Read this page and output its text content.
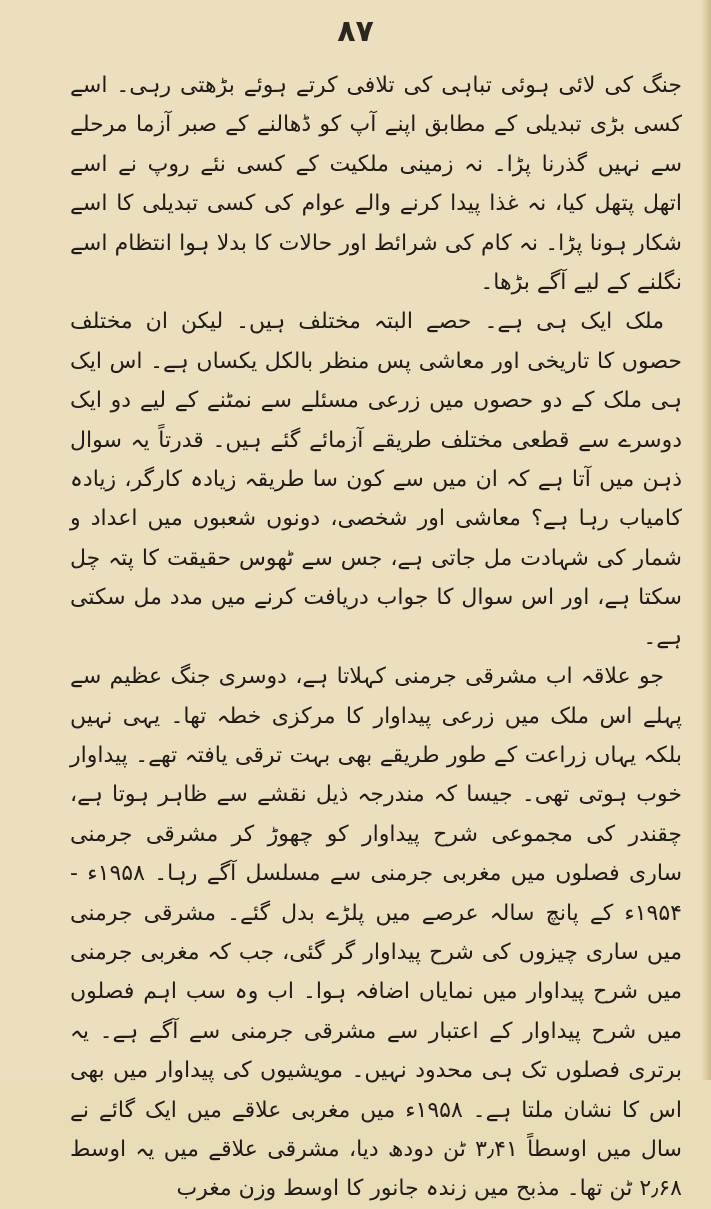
۸۷

جنگ کی لائی ہوئی تباہی کی تلافی کرتے ہوئے بڑھتی رہی۔ اسے کسی بڑی تبدیلی کے مطابق اپنے آپ کو ڈھالنے کے صبر آزما مرحلے سے نہیں گذرنا پڑا۔ نہ زمینی ملکیت کے کسی نئے روپ نے اسے اتھل پتھل کیا، نہ غذا پیدا کرنے والے عوام کی کسی تبدیلی کا اسے شکار ہونا پڑا۔ نہ کام کی شرائط اور حالات کا بدلا ہوا انتظام اسے نگلنے کے لیے آگے بڑھا۔

ملک ایک ہی ہے۔ حصے البتہ مختلف ہیں۔ لیکن ان مختلف حصوں کا تاریخی اور معاشی پس منظر بالکل یکساں ہے۔ اس ایک ہی ملک کے دو حصوں میں زرعی مسئلے سے نمٹنے کے لیے دو ایک دوسرے سے قطعی مختلف طریقے آزمائے گئے ہیں۔ قدرتاً یہ سوال ذہن میں آتا ہے کہ ان میں سے کون سا طریقہ زیادہ کارگر، زیادہ کامیاب رہا ہے؟ معاشی اور شخصی، دونوں شعبوں میں اعداد و شمار کی شہادت مل جاتی ہے، جس سے ٹھوس حقیقت کا پتہ چل سکتا ہے، اور اس سوال کا جواب دریافت کرنے میں مدد مل سکتی ہے۔

جو علاقہ اب مشرقی جرمنی کہلاتا ہے، دوسری جنگ عظیم سے پہلے اس ملک میں زرعی پیداوار کا مرکزی خطہ تھا۔ یہی نہیں بلکہ یہاں زراعت کے طور طریقے بھی بہت ترقی یافتہ تھے۔ پیداوار خوب ہوتی تھی۔ جیسا کہ مندرجہ ذیل نقشے سے ظاہر ہوتا ہے، چقندر کی مجموعی شرح پیداوار کو چھوڑ کر مشرقی جرمنی ساری فصلوں میں مغربی جرمنی سے مسلسل آگے رہا۔ ۱۹۵۸ء - ۱۹۵۴ء کے پانچ سالہ عرصے میں پلڑے بدل گئے۔ مشرقی جرمنی میں ساری چیزوں کی شرح پیداوار گر گئی، جب کہ مغربی جرمنی میں شرح پیداوار میں نمایاں اضافہ ہوا۔ اب وہ سب اہم فصلوں میں شرح پیداوار کے اعتبار سے مشرقی جرمنی سے آگے ہے۔ یہ برتری فصلوں تک ہی محدود نہیں۔ مویشیوں کی پیداوار میں بھی اس کا نشان ملتا ہے۔ ۱۹۵۸ء میں مغربی علاقے میں ایک گائے نے سال میں اوسطاً ۳٫۴۱ ٹن دودھ دیا، مشرقی علاقے میں یہ اوسط ۲٫۶۸ ٹن تھا۔ مذبح میں زندہ جانور کا اوسط وزن مغرب
